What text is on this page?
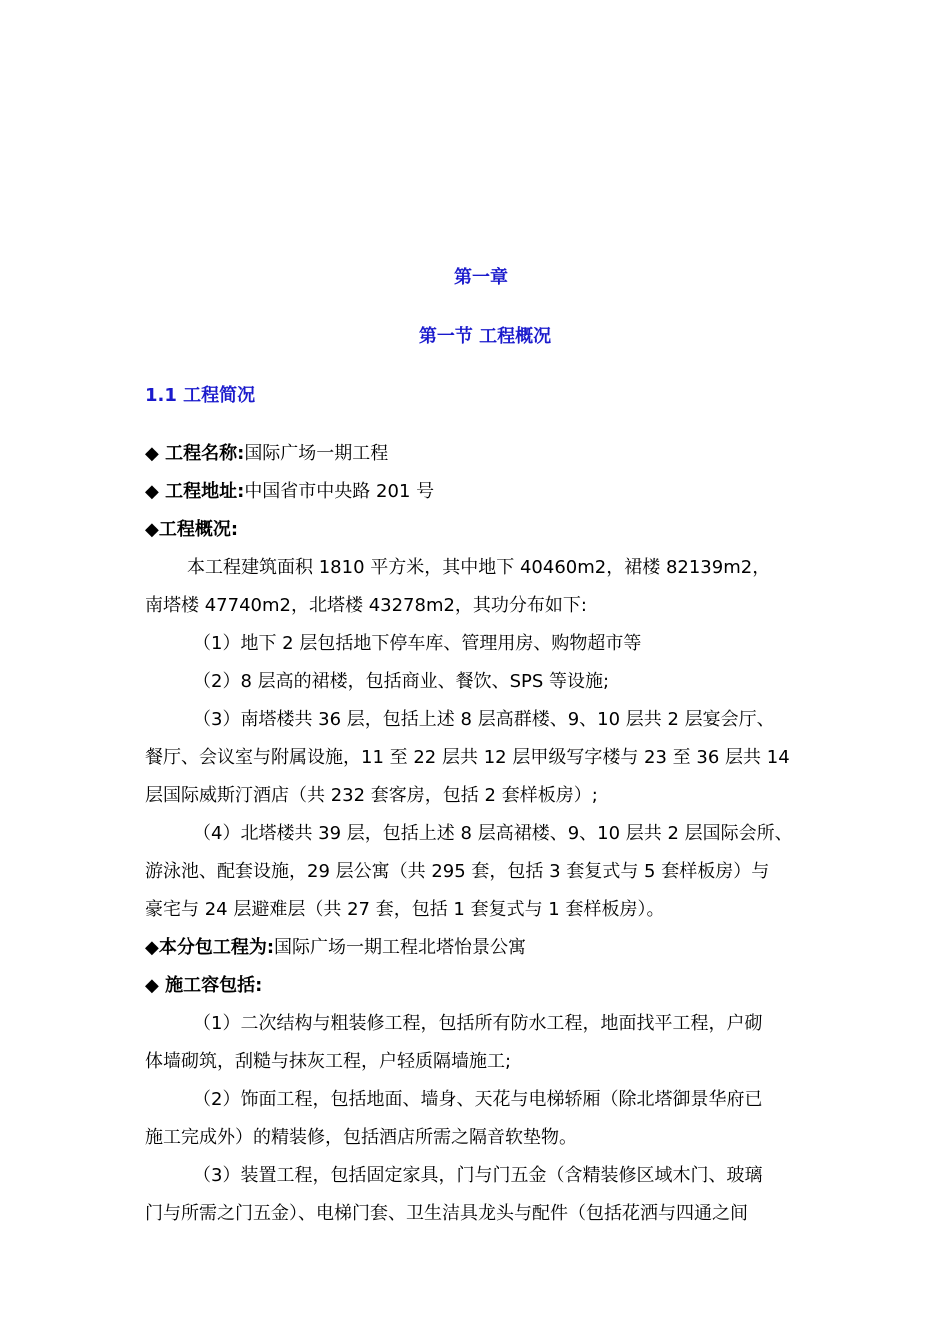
第一章
第一节 工程概况
1.1 工程简况

◆ 工程名称:国际广场一期工程

◆ 工程地址:中国省市中央路 201 号

◆工程概况:

本工程建筑面积 1810 平方米，其中地下 40460m2，裙楼 82139m2，

南塔楼 47740m2，北塔楼 43278m2，其功分布如下:

（1）地下 2 层包括地下停车库、管理用房、购物超市等

（2）8 层高的裙楼，包括商业、餐饮、SPS 等设施;

（3）南塔楼共 36 层，包括上述 8 层高群楼、9、10 层共 2 层宴会厅、

餐厅、会议室与附属设施，11 至 22 层共 12 层甲级写字楼与 23 至 36 层共 14

层国际威斯汀酒店（共 232 套客房，包括 2 套样板房）;

（4）北塔楼共 39 层，包括上述 8 层高裙楼、9、10 层共 2 层国际会所、

游泳池、配套设施，29 层公寓（共 295 套，包括 3 套复式与 5 套样板房）与

豪宅与 24 层避难层（共 27 套，包括 1 套复式与 1 套样板房）。

◆本分包工程为:国际广场一期工程北塔怡景公寓

◆ 施工容包括:

（1）二次结构与粗装修工程，包括所有防水工程，地面找平工程，户砌

体墙砌筑，刮糙与抹灰工程，户轻质隔墙施工;

（2）饰面工程，包括地面、墙身、天花与电梯轿厢（除北塔御景华府已

施工完成外）的精装修，包括酒店所需之隔音软垫物。

（3）装置工程，包括固定家具，门与门五金（含精装修区域木门、玻璃

门与所需之门五金）、电梯门套、卫生洁具龙头与配件（包括花洒与四通之间
